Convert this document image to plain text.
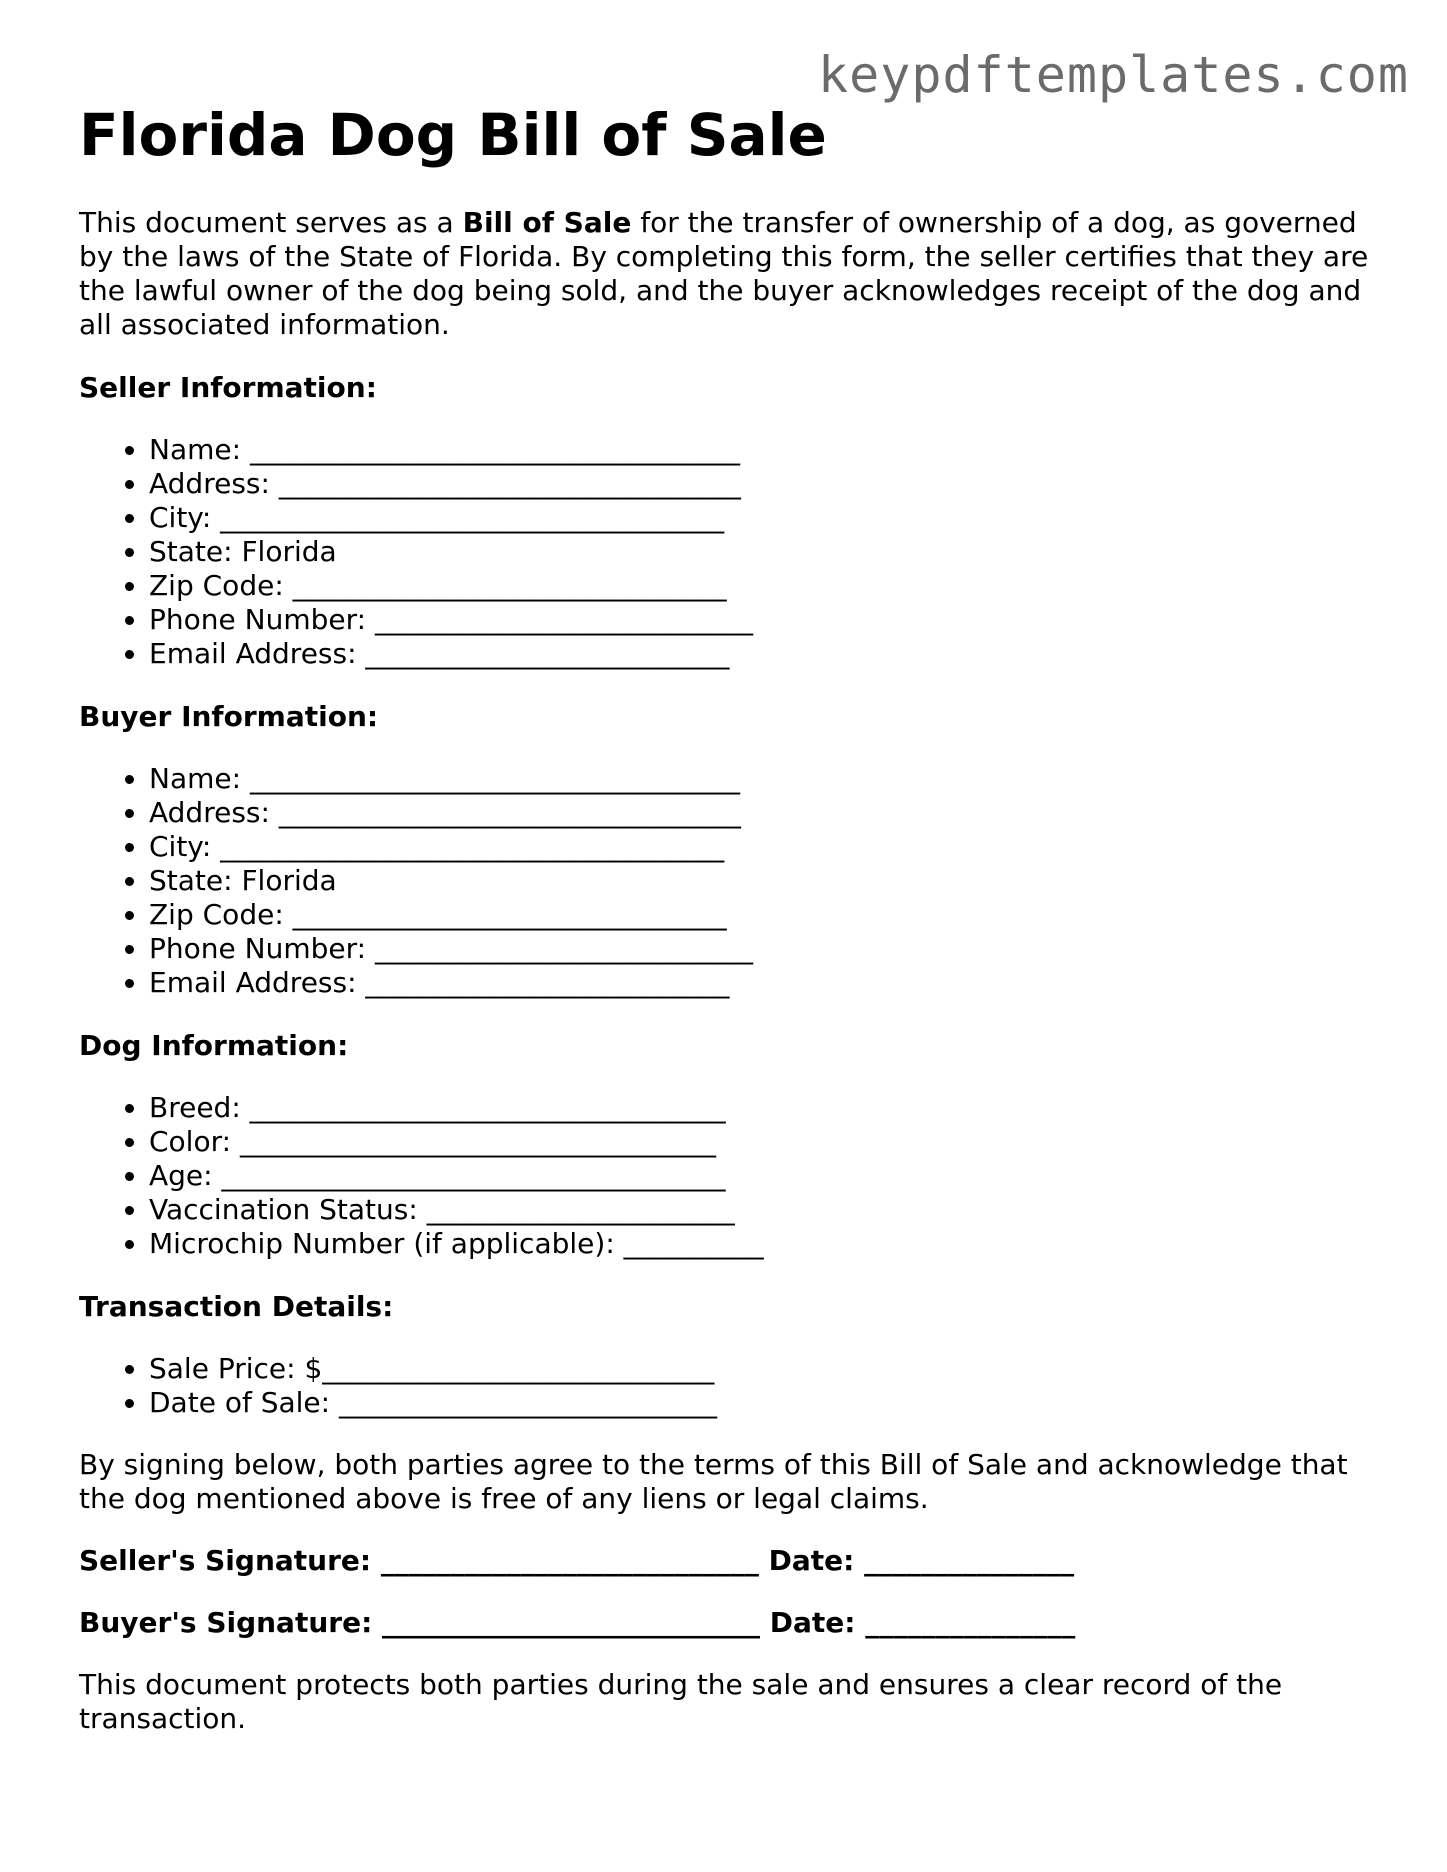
keypdftemplates.com
Florida Dog Bill of Sale

This document serves as a Bill of Sale for the transfer of ownership of a dog, as governed by the laws of the State of Florida. By completing this form, the seller certifies that they are the lawful owner of the dog being sold, and the buyer acknowledges receipt of the dog and all associated information.

Seller Information:
• Name: ___________________________________
• Address: _________________________________
• City: ____________________________________
• State: Florida
• Zip Code: _______________________________
• Phone Number: ___________________________
• Email Address: __________________________
Buyer Information:
• Name: ___________________________________
• Address: _________________________________
• City: ____________________________________
• State: Florida
• Zip Code: _______________________________
• Phone Number: ___________________________
• Email Address: __________________________
Dog Information:
• Breed: __________________________________
• Color: __________________________________
• Age: ____________________________________
• Vaccination Status: ______________________
• Microchip Number (if applicable): __________
Transaction Details:
• Sale Price: $____________________________
• Date of Sale: ___________________________

By signing below, both parties agree to the terms of this Bill of Sale and acknowledge that the dog mentioned above is free of any liens or legal claims.

Seller's Signature: ___________________________ Date: _______________
Buyer's Signature: ___________________________ Date: _______________

This document protects both parties during the sale and ensures a clear record of the transaction.
